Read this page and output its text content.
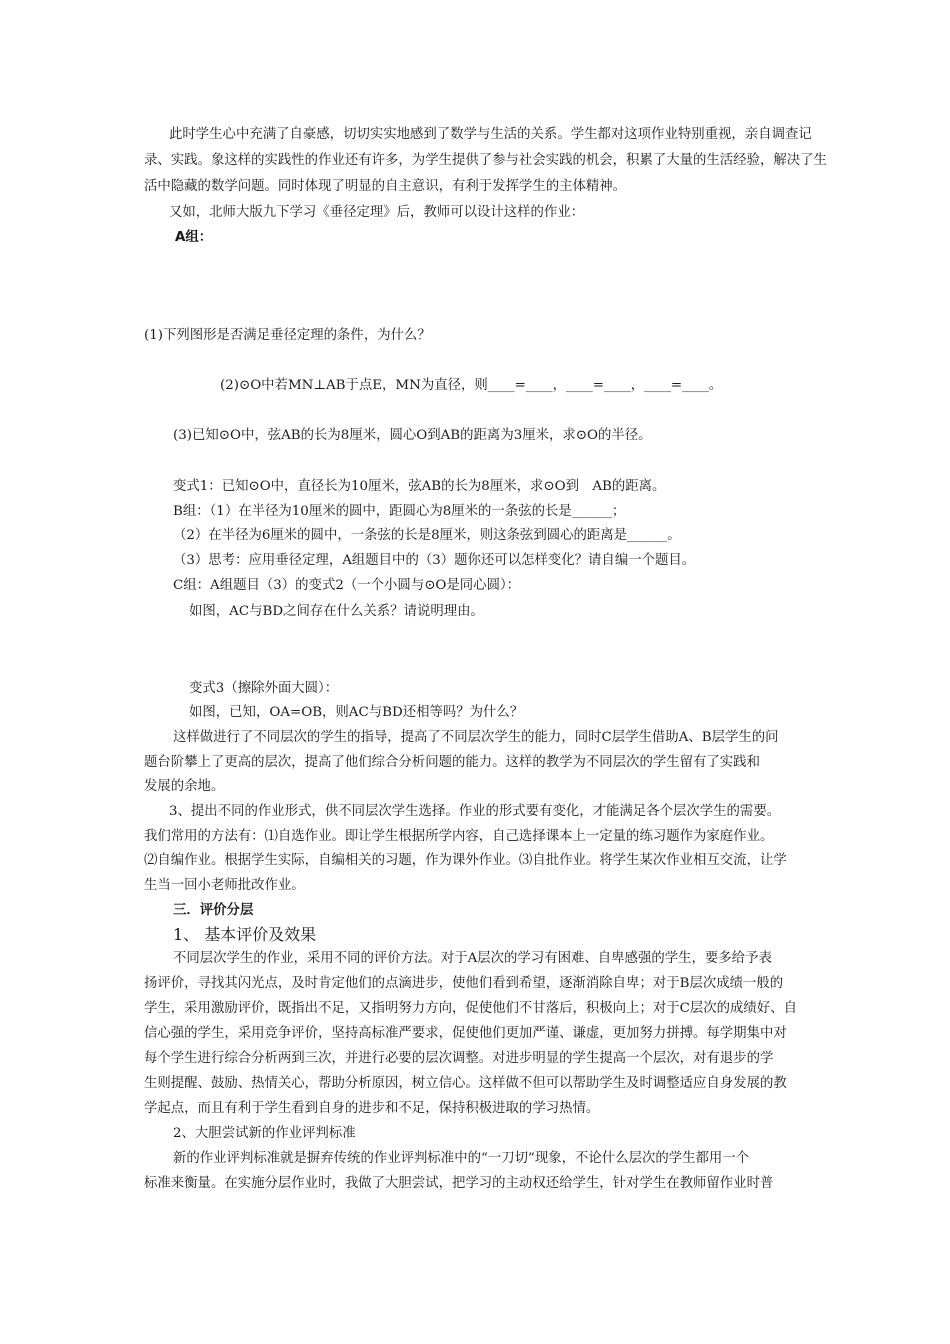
此时学生心中充满了自豪感，切切实实地感到了数学与生活的关系。学生都对这项作业特别重视，亲自调查记
录、实践。象这样的实践性的作业还有许多，为学生提供了参与社会实践的机会，积累了大量的生活经验，解决了生
活中隐藏的数学问题。同时体现了明显的自主意识，有利于发挥学生的主体精神。
又如，北师大版九下学习《垂径定理》后，教师可以设计这样的作业：
A组：
(1)下列图形是否满足垂径定理的条件，为什么？
(2)⊙O中若MN⊥AB于点E，MN为直径，则____=____，____=____，____=____。
(3)已知⊙O中，弦AB的长为8厘米，圆心O到AB的距离为3厘米，求⊙O的半径。
变式1：已知⊙O中，直径长为10厘米，弦AB的长为8厘米，求⊙O到　AB的距离。
B组：（1）在半径为10厘米的圆中，距圆心为8厘米的一条弦的长是______；
（2）在半径为6厘米的圆中，一条弦的长是8厘米，则这条弦到圆心的距离是______。
（3）思考：应用垂径定理，A组题目中的（3）题你还可以怎样变化？请自编一个题目。
C组：A组题目（3）的变式2（一个小圆与⊙O是同心圆）：
如图，AC与BD之间存在什么关系？请说明理由。
变式3（擦除外面大圆）：
如图，已知，OA=OB，则AC与BD还相等吗？为什么？
这样做进行了不同层次的学生的指导，提高了不同层次学生的能力，同时C层学生借助A、B层学生的问
题台阶攀上了更高的层次，提高了他们综合分析问题的能力。这样的教学为不同层次的学生留有了实践和
发展的余地。
3、提出不同的作业形式，供不同层次学生选择。作业的形式要有变化，才能满足各个层次学生的需要。
我们常用的方法有：⑴自选作业。即让学生根据所学内容，自己选择课本上一定量的练习题作为家庭作业。
⑵自编作业。根据学生实际，自编相关的习题，作为课外作业。⑶自批作业。将学生某次作业相互交流，让学
生当一回小老师批改作业。
三．评价分层
1、 基本评价及效果
不同层次学生的作业，采用不同的评价方法。对于A层次的学习有困难、自卑感强的学生，要多给予表
扬评价，寻找其闪光点，及时肯定他们的点滴进步，使他们看到希望，逐渐消除自卑；对于B层次成绩一般的
学生，采用激励评价，既指出不足，又指明努力方向，促使他们不甘落后，积极向上；对于C层次的成绩好、自
信心强的学生，采用竞争评价，坚持高标准严要求，促使他们更加严谨、谦虚，更加努力拼搏。每学期集中对
每个学生进行综合分析两到三次，并进行必要的层次调整。对进步明显的学生提高一个层次，对有退步的学
生则提醒、鼓励、热情关心，帮助分析原因，树立信心。这样做不但可以帮助学生及时调整适应自身发展的教
学起点，而且有利于学生看到自身的进步和不足，保持积极进取的学习热情。
2、大胆尝试新的作业评判标准
新的作业评判标准就是摒弃传统的作业评判标准中的“一刀切”现象，不论什么层次的学生都用一个
标准来衡量。在实施分层作业时，我做了大胆尝试，把学习的主动权还给学生，针对学生在教师留作业时普
